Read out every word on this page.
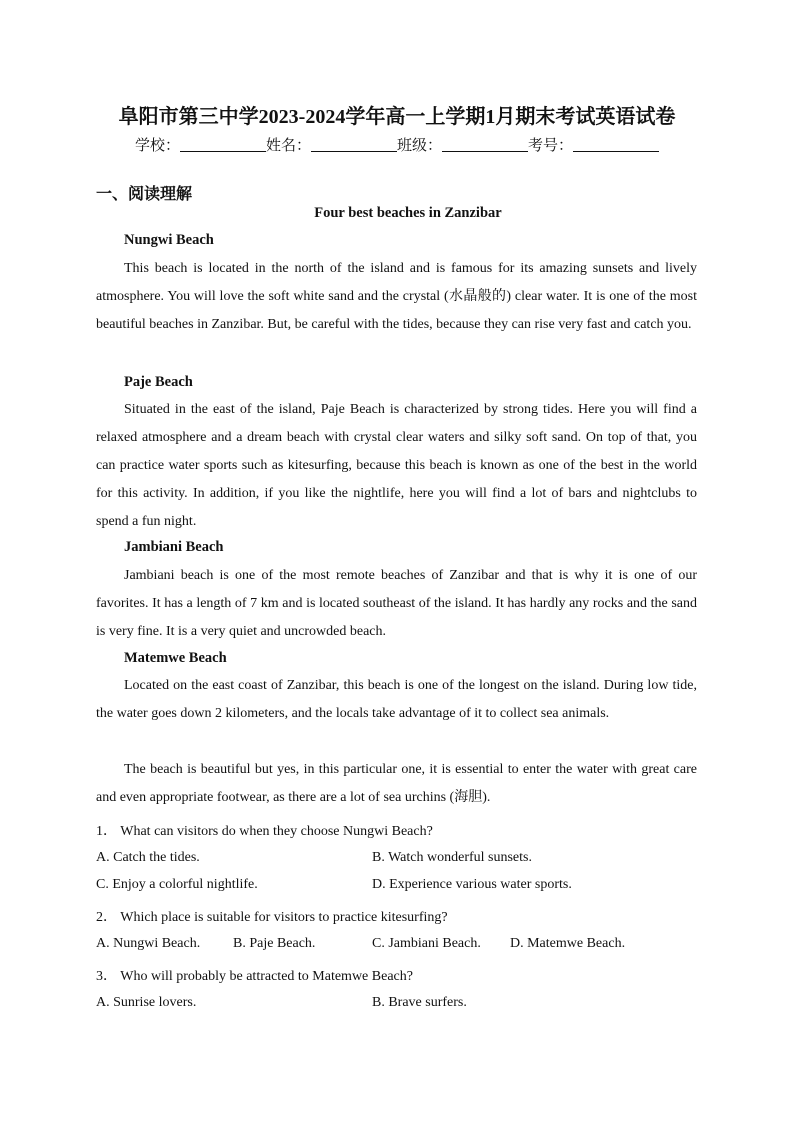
阜阳市第三中学2023-2024学年高一上学期1月期末考试英语试卷
学校：	姓名：	班级：	考号：
一、阅读理解
Four best beaches in Zanzibar
Nungwi Beach
This beach is located in the north of the island and is famous for its amazing sunsets and lively atmosphere. You will love the soft white sand and the crystal (水晶般的) clear water. It is one of the most beautiful beaches in Zanzibar. But, be careful with the tides, because they can rise very fast and catch you.
Paje Beach
Situated in the east of the island, Paje Beach is characterized by strong tides. Here you will find a relaxed atmosphere and a dream beach with crystal clear waters and silky soft sand. On top of that, you can practice water sports such as kitesurfing, because this beach is known as one of the best in the world for this activity. In addition, if you like the nightlife, here you will find a lot of bars and nightclubs to spend a fun night.
Jambiani Beach
Jambiani beach is one of the most remote beaches of Zanzibar and that is why it is one of our favorites. It has a length of 7 km and is located southeast of the island. It has hardly any rocks and the sand is very fine. It is a very quiet and uncrowded beach.
Matemwe Beach
Located on the east coast of Zanzibar, this beach is one of the longest on the island. During low tide, the water goes down 2 kilometers, and the locals take advantage of it to collect sea animals.
The beach is beautiful but yes, in this particular one, it is essential to enter the water with great care and even appropriate footwear, as there are a lot of sea urchins (海胆).
1． What can visitors do when they choose Nungwi Beach?
A. Catch the tides.	B. Watch wonderful sunsets.
C. Enjoy a colorful nightlife.	D. Experience various water sports.
2． Which place is suitable for visitors to practice kitesurfing?
A. Nungwi Beach. B. Paje Beach.	C. Jambiani Beach. D. Matemwe Beach.
3． Who will probably be attracted to Matemwe Beach?
A. Sunrise lovers.	B. Brave surfers.
